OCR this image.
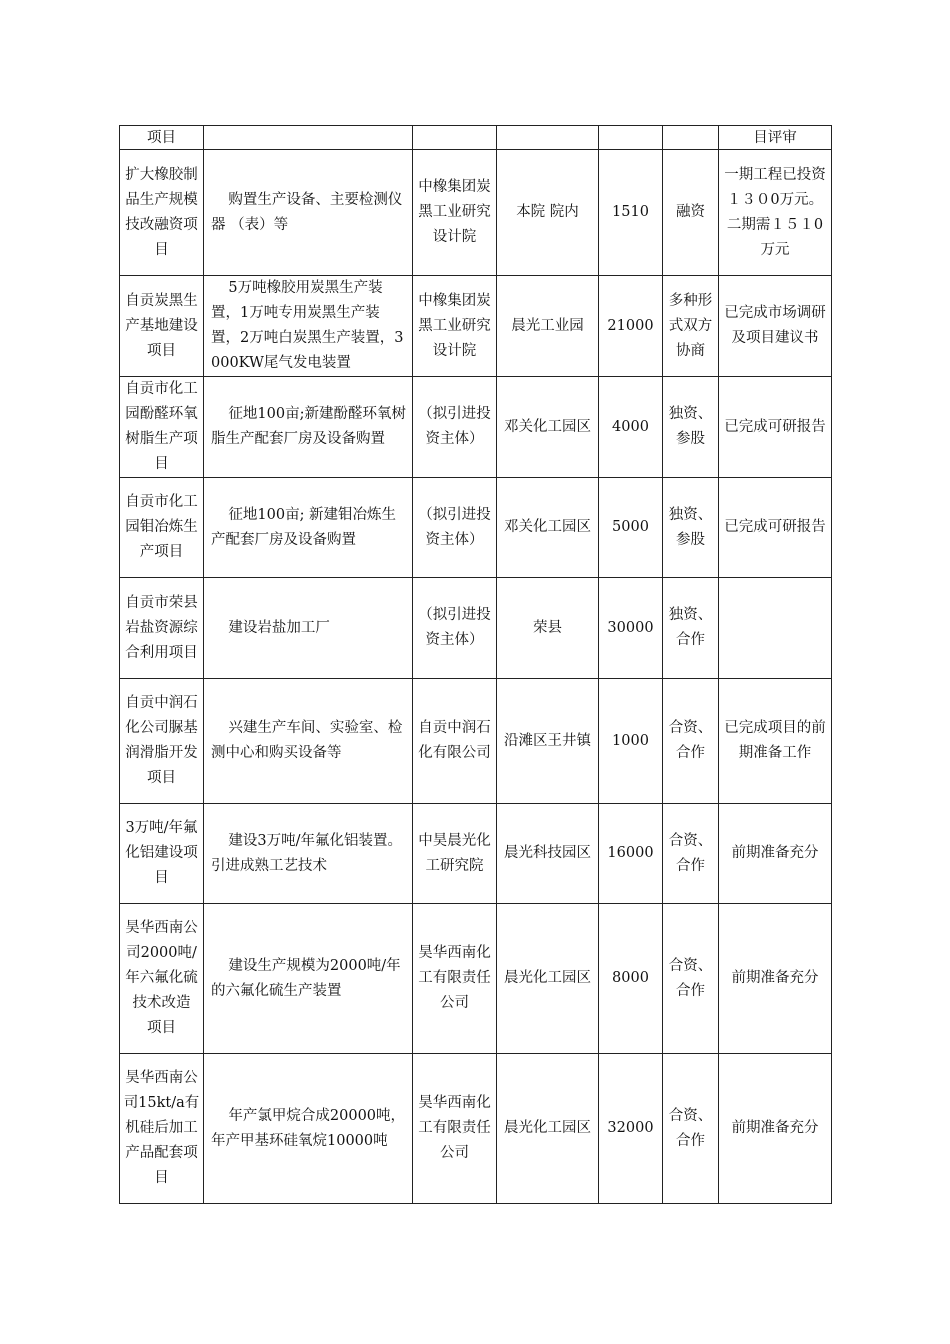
项目						目评审
扩大橡胶制品生产规模技改融资项目	购置生产设备、主要检测仪器 （表）等	中橡集团炭黑工业研究设计院	本院 院内	1510	融资	一期工程已投资１３０0万元。二期需１５１0万元
自贡炭黑生产基地建设项目	5万吨橡胶用炭黑生产装置，1万吨专用炭黑生产装置，2万吨白炭黑生产装置，3000KW尾气发电装置	中橡集团炭黑工业研究设计院	晨光工业园	21000	多种形式双方协商	已完成市场调研及项目建议书
自贡市化工园酚醛环氧树脂生产项目	征地100亩;新建酚醛环氧树脂生产配套厂房及设备购置	（拟引进投资主体）	邓关化工园区	4000	独资、参股	已完成可研报告
自贡市化工园钼冶炼生产项目	征地100亩; 新建钼冶炼生产配套厂房及设备购置	（拟引进投资主体）	邓关化工园区	5000	独资、参股	已完成可研报告
自贡市荣县岩盐资源综合利用项目	建设岩盐加工厂	（拟引进投资主体）	荣县	30000	独资、合作	
自贡中润石化公司脲基润滑脂开发项目	兴建生产车间、实验室、检测中心和购买设备等	自贡中润石化有限公司	沿滩区王井镇	1000	合资、合作	已完成项目的前期准备工作
3万吨/年氟化铝建设项目	建设3万吨/年氟化铝装置。 引进成熟工艺技术	中昊晨光化工研究院	晨光科技园区	16000	合资、合作	前期准备充分
昊华西南公司2000吨/年六氟化硫技术改造 项目	建设生产规模为2000吨/年的六氟化硫生产装置	昊华西南化工有限责任公司	晨光化工园区	8000	合资、合作	前期准备充分
昊华西南公司15kt/a有机硅后加工产品配套项目	年产氯甲烷合成20000吨，年产甲基环硅氧烷10000吨	昊华西南化工有限责任公司	晨光化工园区	32000	合资、合作	前期准备充分
